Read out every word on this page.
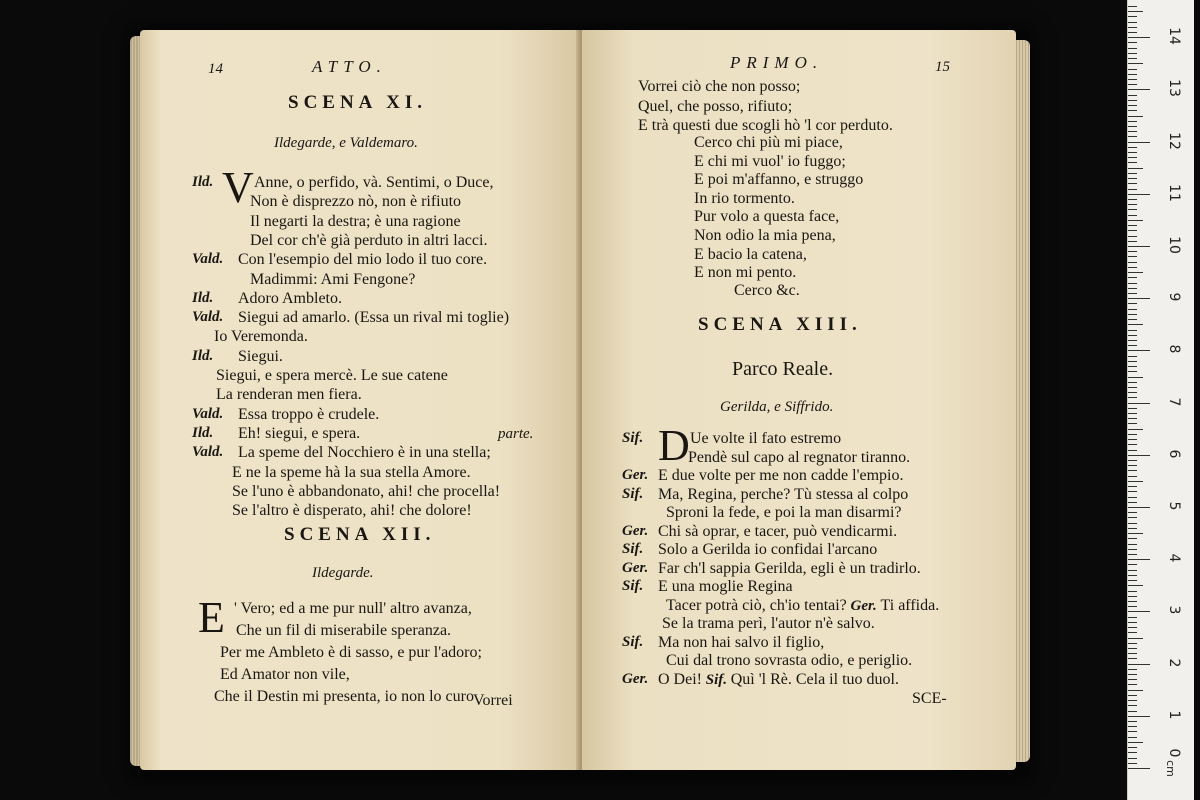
14	ATTO.
SCENA XI.
Ildegarde, e Valdemaro.
Ild. V Anne, o perfido, và. Sentimi, o Duce,
Non è disprezzo nò, non è rifiuto
Il negarti la destra; è una ragione
Del cor ch'è già perduto in altri lacci.
Vald. Con l'esempio del mio lodo il tuo core.
Madimmi: Ami Fengone?
Ild. Adoro Ambleto.
Vald. Siegui ad amarlo. (Essa un rival mi toglie)
Io Veremonda.
Ild. Siegui.
Siegui, e spera mercè. Le sue catene
La renderan men fiera.
Vald. Essa troppo è crudele.
Ild. Eh! siegui, e spera.	parte.
Vald. La speme del Nocchiero è in una stella;
E ne la speme hà la sua stella Amore.
Se l'uno è abbandonato, ahi! che procella!
Se l'altro è disperato, ahi! che dolore!
SCENA XII.
Ildegarde.
E ' Vero; ed a me pur null' altro avanza,
Che un fil di miserabile speranza.
Per me Ambleto è di sasso, e pur l'adoro;
Ed Amator non vile,
Che il Destin mi presenta, io non lo curo Vorrei
PRIMO.	15
Vorrei ciò che non posso;
Quel, che posso, rifiuto;
E trà questi due scogli hò 'l cor perduto.
Cerco chi più mi piace,
E chi mi vuol' io fuggo;
E poi m'affanno, e struggo
In rio tormento.
Pur volo a questa face,
Non odio la mia pena,
E bacio la catena,
E non mi pento.
Cerco &c.
SCENA XIII.
Parco Reale.
Gerilda, e Siffrido.
Sif. D Ue volte il fato estremo
Pendè sul capo al regnator tiranno.
Ger. E due volte per me non cadde l'empio.
Sif. Ma, Regina, perche? Tù stessa al colpo
Sproni la fede, e poi la man disarmi?
Ger. Chi sà oprar, e tacer, può vendicarmi.
Sif. Solo a Gerilda io confidai l'arcano
Ger. Far ch'l sappia Gerilda, egli è un tradirlo.
Sif. E una moglie Regina
Tacer potrà ciò, ch'io tentai? Ger. Ti affida.
Se la trama perì, l'autor n'è salvo.
Sif. Ma non hai salvo il figlio,
Cui dal trono sovrasta odio, e periglio.
Ger. O Dei! Sif. Quì 'l Rè. Cela il tuo duol.
SCE-
0
1
2
3
4
5
6
7
8
9
10
11
12
13
14
cm
